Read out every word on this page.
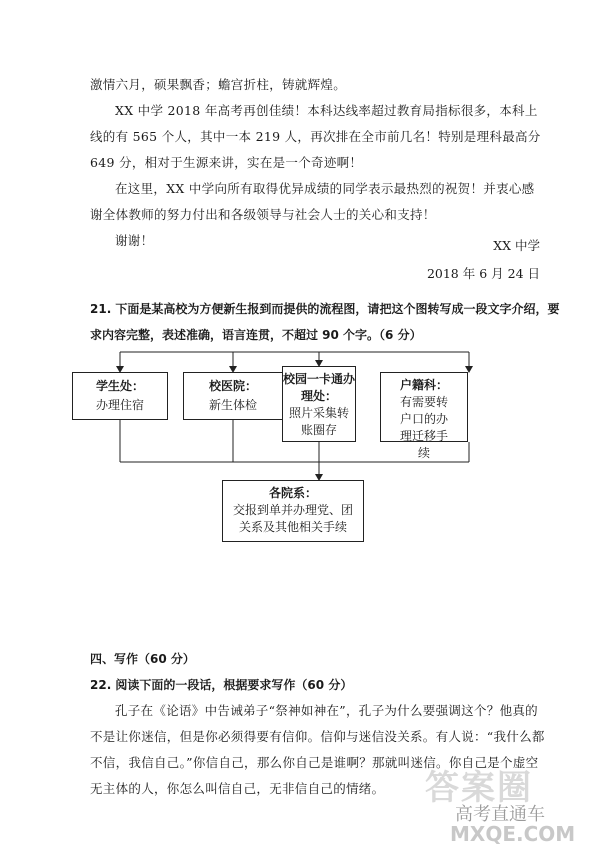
激情六月，硕果飘香；蟾宫折柱，铸就辉煌。
XX 中学 2018 年高考再创佳绩！本科达线率超过教育局指标很多，本科上线的有 565 个人，其中一本 219 人，再次排在全市前几名！特别是理科最高分 649 分，相对于生源来讲，实在是一个奇迹啊！
在这里，XX 中学向所有取得优异成绩的同学表示最热烈的祝贺！并衷心感谢全体教师的努力付出和各级领导与社会人士的关心和支持！
谢谢！	XX 中学
2018 年 6 月 24 日
21. 下面是某高校为方便新生报到而提供的流程图，请把这个图转写成一段文字介绍，要求内容完整，表述准确，语言连贯，不超过 90 个字。（6 分）
学生处：
办理住宿
校医院：
新生体检
校园一卡通办理处：
照片采集转账圈存
户籍科：
有需要转户口的办理迁移手续
各院系：
交报到单并办理党、团关系及其他相关手续
四、写作（60 分）
22. 阅读下面的一段话，根据要求写作（60 分）
孔子在《论语》中告诫弟子“祭神如神在”，孔子为什么要强调这个？他真的不是让你迷信，但是你必须得要有信仰。信仰与迷信没关系。有人说：“我什么都不信，我信自己。”你信自己，那么你自己是谁啊？那就叫迷信。你自己是个虚空无主体的人，你怎么叫信自己，无非信自己的情绪。	答案圈
高考直通车
MXQE.COM
